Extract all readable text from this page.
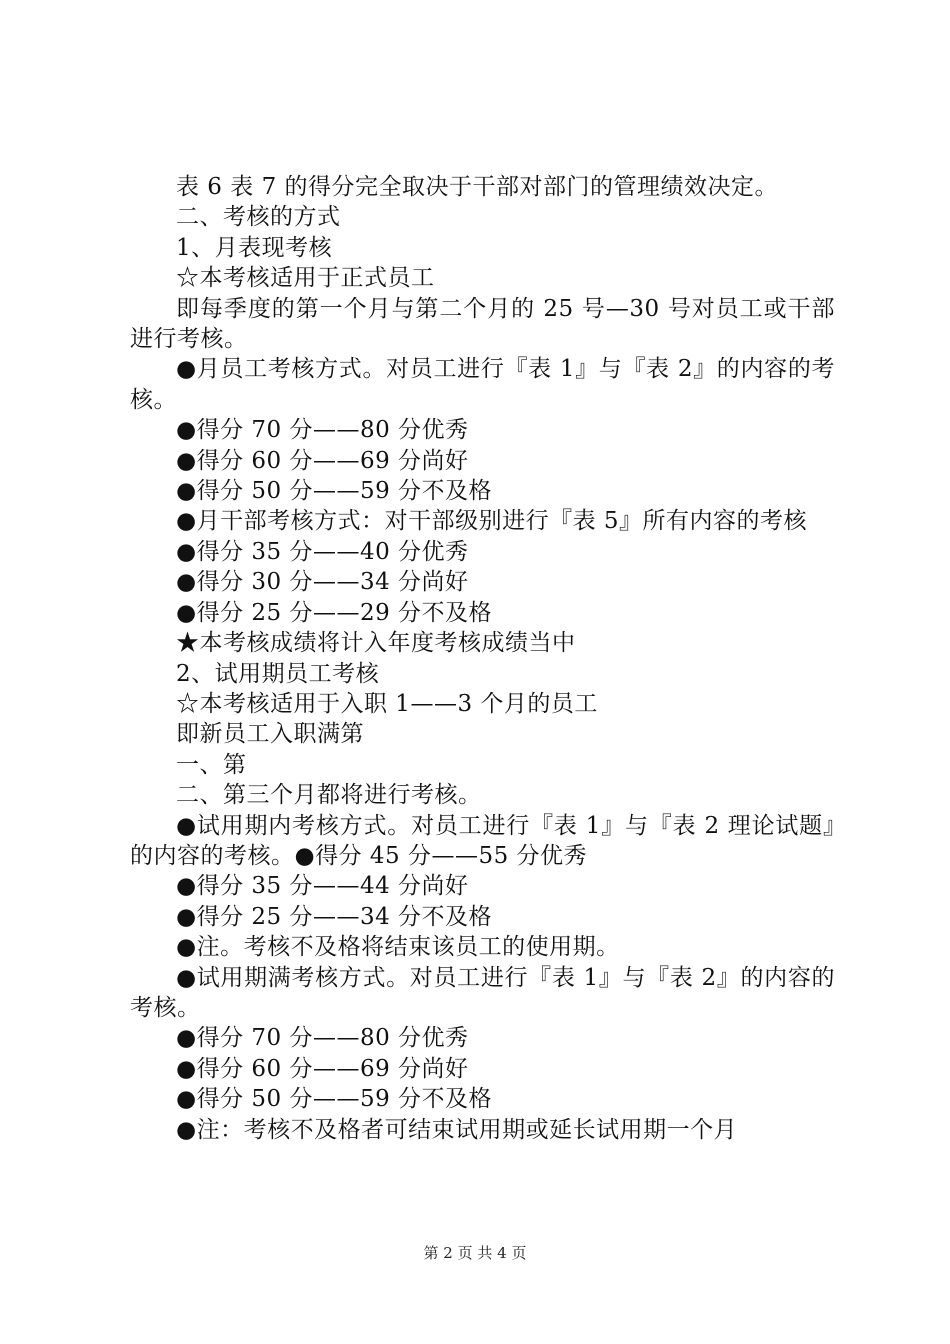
表 6 表 7 的得分完全取决于干部对部门的管理绩效决定。

二、考核的方式

1、月表现考核

☆本考核适用于正式员工

即每季度的第一个月与第二个月的 25 号—30 号对员工或干部进行考核。

●月员工考核方式。对员工进行『表 1』与『表 2』的内容的考核。

●得分 70 分——80 分优秀

●得分 60 分——69 分尚好

●得分 50 分——59 分不及格

●月干部考核方式：对干部级别进行『表 5』所有内容的考核

●得分 35 分——40 分优秀

●得分 30 分——34 分尚好

●得分 25 分——29 分不及格

★本考核成绩将计入年度考核成绩当中

2、试用期员工考核

☆本考核适用于入职 1——3 个月的员工

即新员工入职满第

一、第

二、第三个月都将进行考核。

●试用期内考核方式。对员工进行『表 1』与『表 2 理论试题』的内容的考核。●得分 45 分——55 分优秀

●得分 35 分——44 分尚好

●得分 25 分——34 分不及格

●注。考核不及格将结束该员工的使用期。

●试用期满考核方式。对员工进行『表 1』与『表 2』的内容的考核。

●得分 70 分——80 分优秀

●得分 60 分——69 分尚好

●得分 50 分——59 分不及格

●注：考核不及格者可结束试用期或延长试用期一个月

第 2 页 共 4 页
